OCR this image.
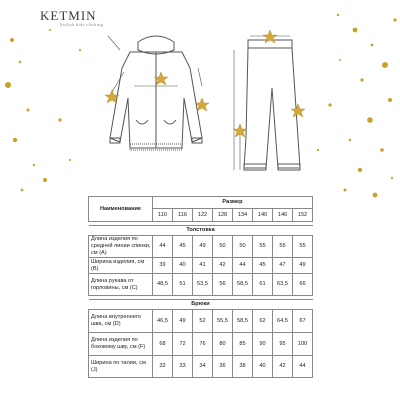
KETMIN
Stylish kids clothing
Наименование	Размер							
	110	116	122	128	134	140	146	152

Толстовка								
Длина изделия по средней линии спинки, см (А)	44	45	49	50	50	55	55	55
Ширина изделия, см (В)	39	40	41	42	44	45	47	49
Длина рукава от горловины, см (С)	48,5	51	53,5	56	58,5	61	63,5	66

Брюки								
Длина внутреннего шва, см (D)	46,5	49	52	55,5	58,5	62	64,5	67
Длина изделия по боковому шву, см (F)	68	72	76	80	85	90	95	100
Ширина по талии, см (J)	32	33	34	36	38	40	42	44
